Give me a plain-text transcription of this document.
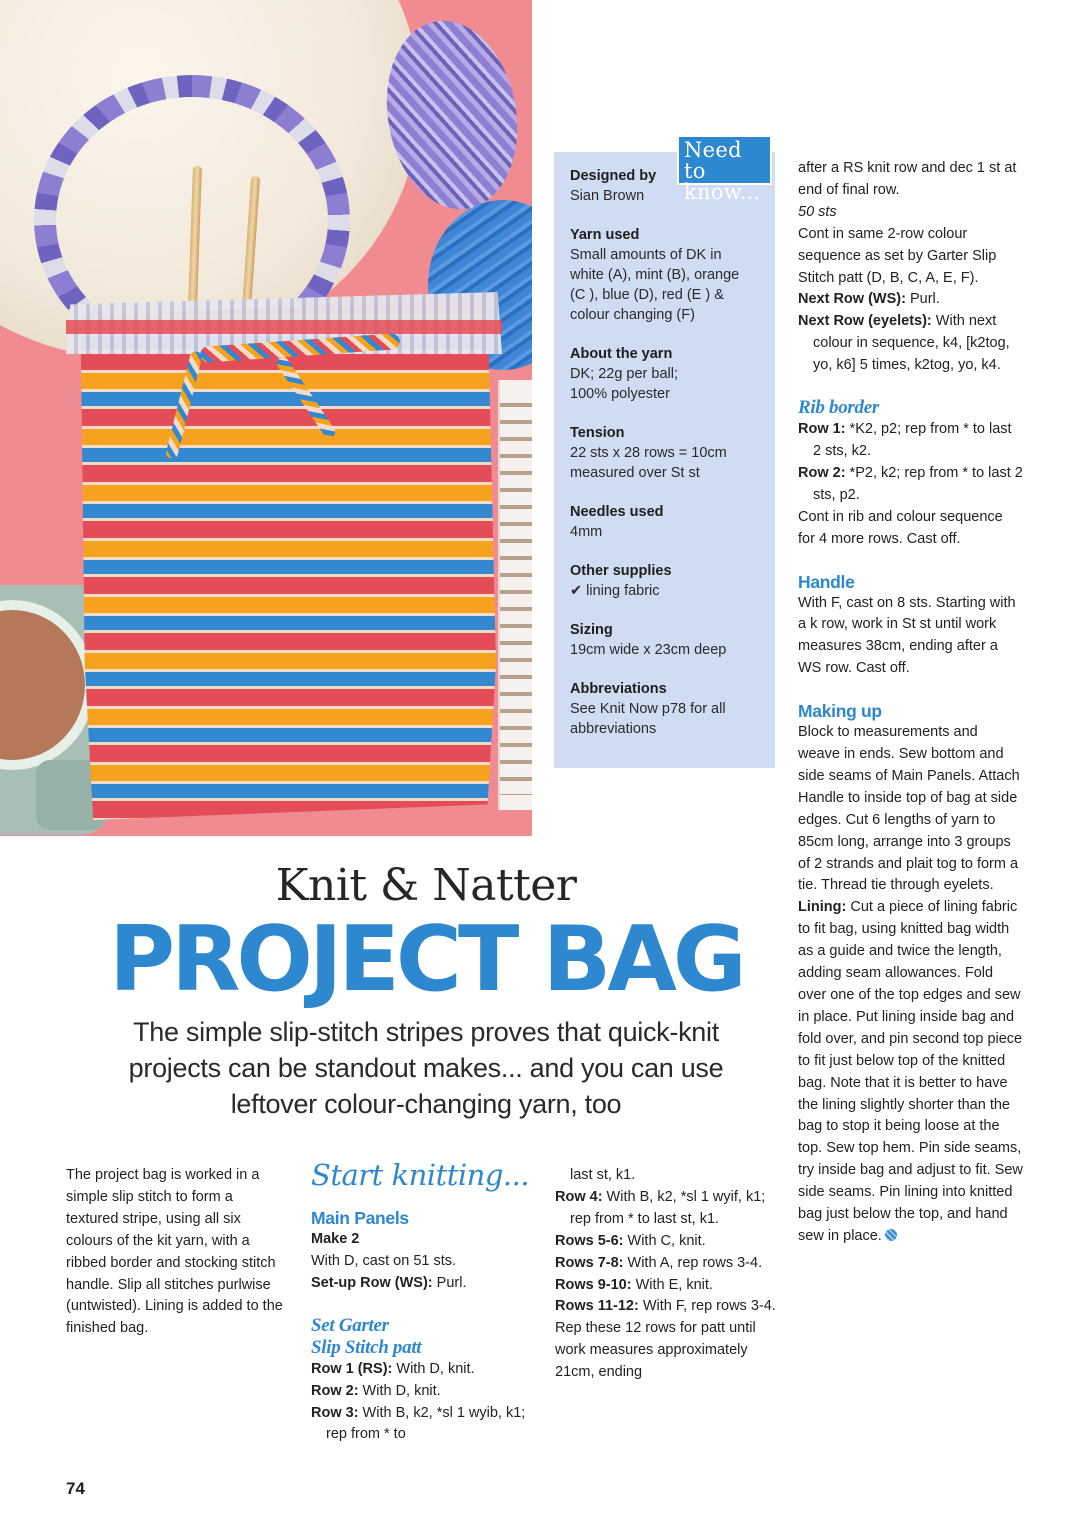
Designed by
Sian Brown
Yarn used
Small amounts of DK in
white (A), mint (B), orange
(C ), blue (D), red (E ) &
colour changing (F)
About the yarn
DK; 22g per ball;
100% polyester
Tension
22 sts x 28 rows = 10cm
measured over St st
Needles used
4mm
Other supplies
✔ lining fabric
Sizing
19cm wide x 23cm deep
Abbreviations
See Knit Now p78 for all
abbreviations
Need to know...

after a RS knit row and dec 1 st at end of final row.

50 sts

Cont in same 2-row colour sequence as set by Garter Slip Stitch patt (D, B, C, A, E, F).

Next Row (WS): Purl.

Next Row (eyelets): With next colour in sequence, k4, [k2tog, yo, k6] 5 times, k2tog, yo, k4.

Rib border

Row 1: *K2, p2; rep from * to last 2 sts, k2.

Row 2: *P2, k2; rep from * to last 2 sts, p2.

Cont in rib and colour sequence for 4 more rows. Cast off.

Handle

With F, cast on 8 sts. Starting with a k row, work in St st until work measures 38cm, ending after a WS row. Cast off.

Making up

Block to measurements and weave in ends. Sew bottom and side seams of Main Panels. Attach Handle to inside top of bag at side edges. Cut 6 lengths of yarn to 85cm long, arrange into 3 groups of 2 strands and plait tog to form a tie. Thread tie through eyelets.

Lining: Cut a piece of lining fabric to fit bag, using knitted bag width as a guide and twice the length, adding seam allowances. Fold over one of the top edges and sew in place. Put lining inside bag and fold over, and pin second top piece to fit just below top of the knitted bag. Note that it is better to have the lining slightly shorter than the bag to stop it being loose at the top. Sew top hem. Pin side seams, try inside bag and adjust to fit. Sew side seams. Pin lining into knitted bag just below the top, and hand sew in place.

Knit & Natter
PROJECT BAG
The simple slip-stitch stripes proves that quick-knit
projects can be standout makes... and you can use
leftover colour-changing yarn, too

The project bag is worked in a simple slip stitch to form a textured stripe, using all six colours of the kit yarn, with a ribbed border and stocking stitch handle. Slip all stitches purlwise (untwisted). Lining is added to the finished bag.

Start knitting...
Main Panels

Make 2

With D, cast on 51 sts.

Set-up Row (WS): Purl.

Set Garter
Slip Stitch patt

Row 1 (RS): With D, knit.

Row 2: With D, knit.

Row 3: With B, k2, *sl 1 wyib, k1; rep from * to

last st, k1.

Row 4: With B, k2, *sl 1 wyif, k1; rep from * to last st, k1.

Rows 5-6: With C, knit.

Rows 7-8: With A, rep rows 3-4.

Rows 9-10: With E, knit.

Rows 11-12: With F, rep rows 3-4.

Rep these 12 rows for patt until work measures approximately 21cm, ending

74
